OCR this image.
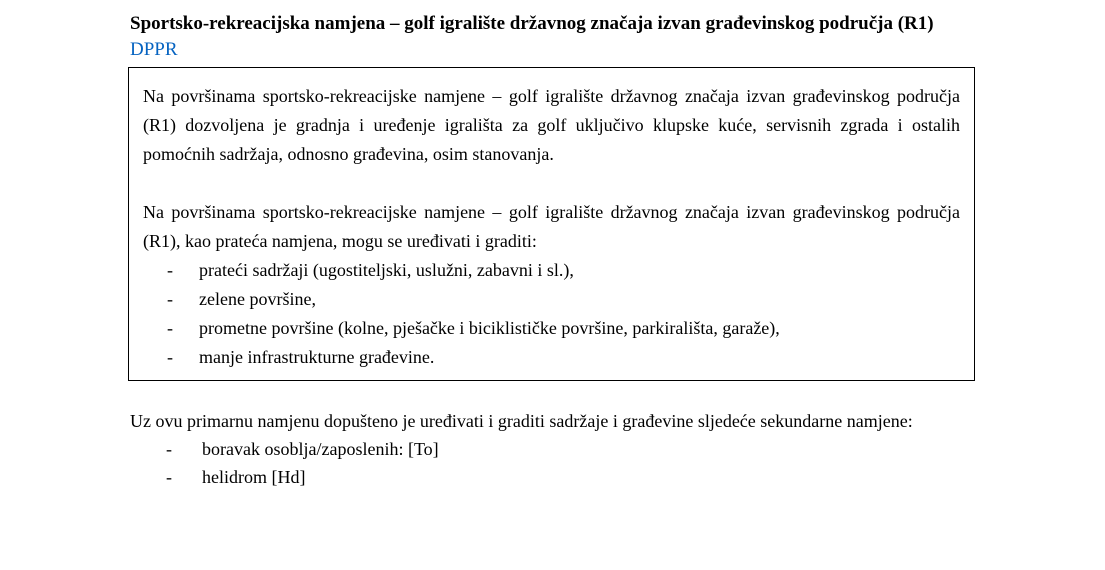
Sportsko-rekreacijska namjena – golf igralište državnog značaja izvan građevinskog područja (R1)

DPPR

Na površinama sportsko-rekreacijske namjene – golf igralište državnog značaja izvan građevinskog područja (R1) dozvoljena je gradnja i uređenje igrališta za golf uključivo klupske kuće, servisnih zgrada i ostalih pomoćnih sadržaja, odnosno građevina, osim stanovanja.

Na površinama sportsko-rekreacijske namjene – golf igralište državnog značaja izvan građevinskog područja (R1), kao prateća namjena, mogu se uređivati i graditi:

- prateći sadržaji (ugostiteljski, uslužni, zabavni i sl.),
- zelene površine,
- prometne površine (kolne, pješačke i biciklističke površine, parkirališta, garaže),
- manje infrastrukturne građevine.

Uz ovu primarnu namjenu dopušteno je uređivati i graditi sadržaje i građevine sljedeće sekundarne namjene:

- boravak osoblja/zaposlenih: [To]
- helidrom [Hd]
